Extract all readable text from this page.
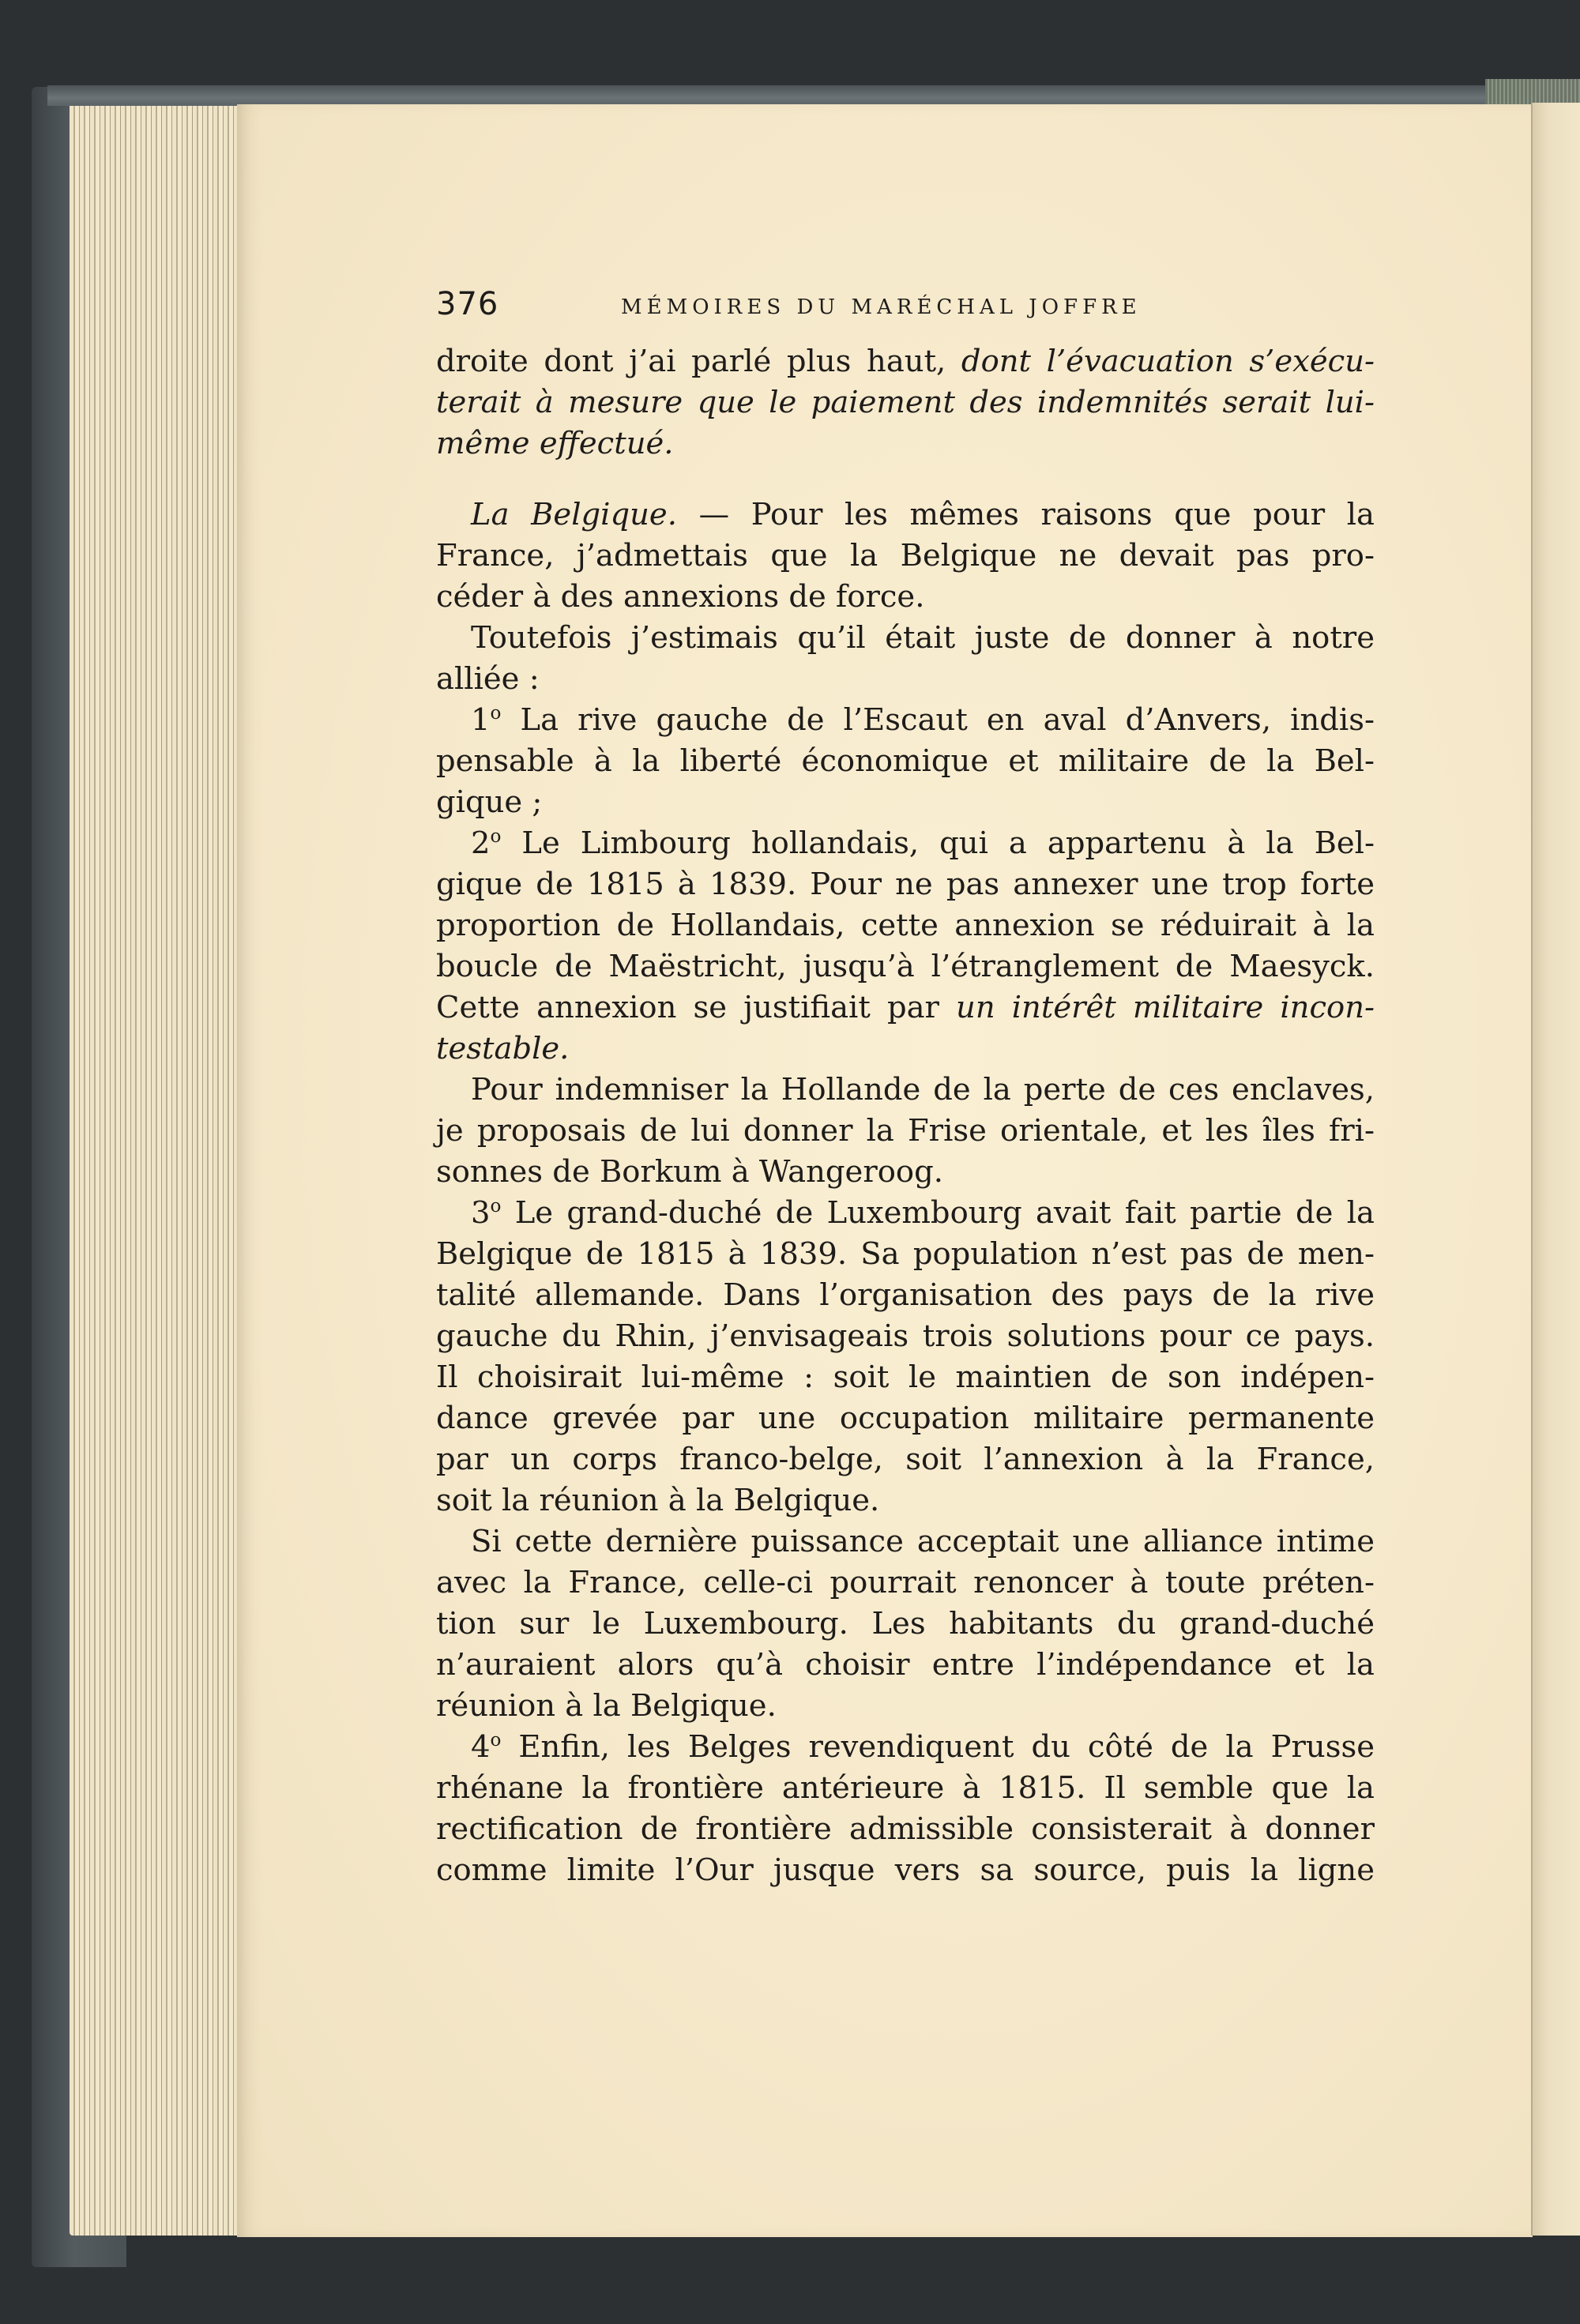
376	MÉMOIRES DU MARÉCHAL JOFFRE
droite dont j’ai parlé plus haut, dont l’évacuation s’exécu-
terait à mesure que le paiement des indemnités serait lui-
même effectué.
La Belgique. — Pour les mêmes raisons que pour la
France, j’admettais que la Belgique ne devait pas pro-
céder à des annexions de force.
Toutefois j’estimais qu’il était juste de donner à notre
alliée :
1$^o$ La rive gauche de l’Escaut en aval d’Anvers, indis-
pensable à la liberté économique et militaire de la Bel-
gique ;
2$^o$ Le Limbourg hollandais, qui a appartenu à la Bel-
gique de 1815 à 1839. Pour ne pas annexer une trop forte
proportion de Hollandais, cette annexion se réduirait à la
boucle de Maëstricht, jusqu’à l’étranglement de Maesyck.
Cette annexion se justifiait par un intérêt militaire incon-
testable.
Pour indemniser la Hollande de la perte de ces enclaves,
je proposais de lui donner la Frise orientale, et les îles fri-
sonnes de Borkum à Wangeroog.
3$^o$ Le grand-duché de Luxembourg avait fait partie de la
Belgique de 1815 à 1839. Sa population n’est pas de men-
talité allemande. Dans l’organisation des pays de la rive
gauche du Rhin, j’envisageais trois solutions pour ce pays.
Il choisirait lui-même : soit le maintien de son indépen-
dance grevée par une occupation militaire permanente
par un corps franco-belge, soit l’annexion à la France,
soit la réunion à la Belgique.
Si cette dernière puissance acceptait une alliance intime
avec la France, celle-ci pourrait renoncer à toute préten-
tion sur le Luxembourg. Les habitants du grand-duché
n’auraient alors qu’à choisir entre l’indépendance et la
réunion à la Belgique.
4$^o$ Enfin, les Belges revendiquent du côté de la Prusse
rhénane la frontière antérieure à 1815. Il semble que la
rectification de frontière admissible consisterait à donner
comme limite l’Our jusque vers sa source, puis la ligne
